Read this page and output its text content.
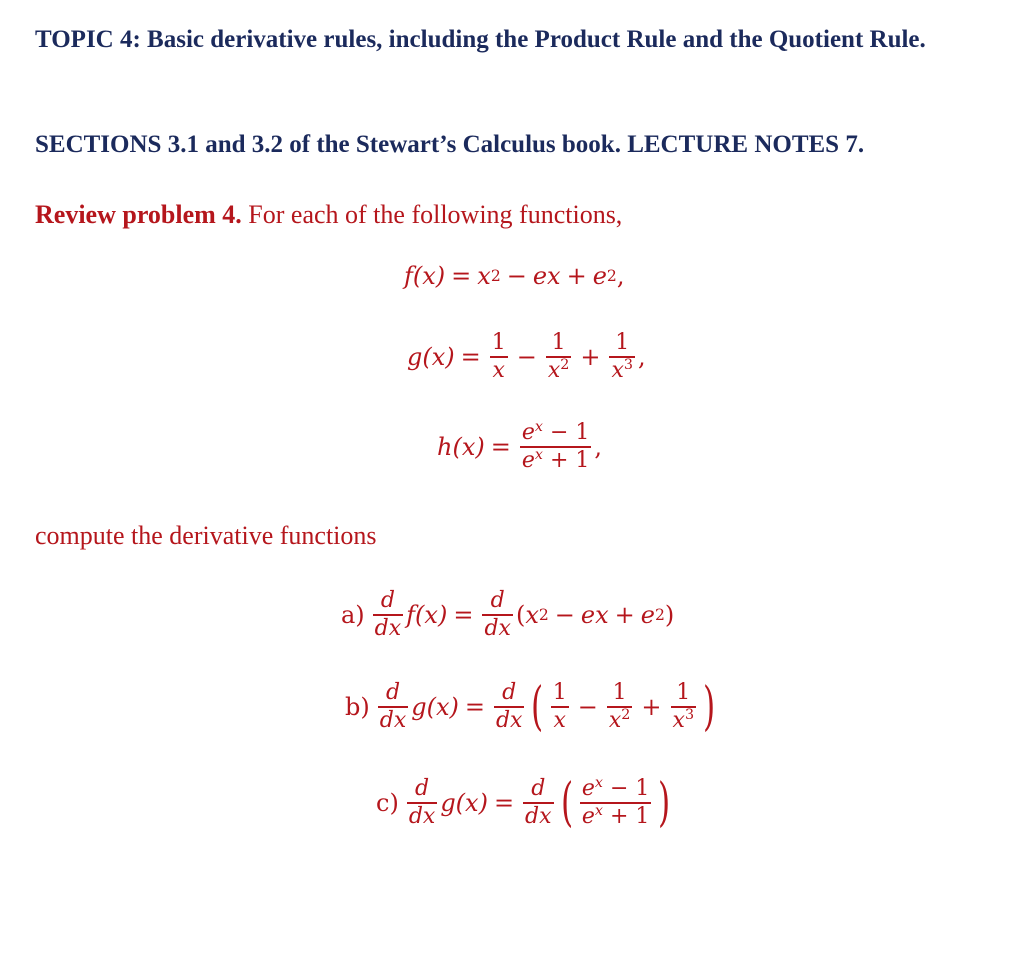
TOPIC 4: Basic derivative rules, including the Product Rule and the Quotient Rule.

SECTIONS 3.1 and 3.2 of the Stewart’s Calculus book. LECTURE NOTES 7.

Review problem 4. For each of the following functions,

f(x) = x 2 − ex + e 2 ,
$g(x) = \frac{1}{x} - \frac{1}{x^2} + \frac{1}{x^3}$ ,
$h(x) = \frac{e^x - 1}{e^x + 1}$ ,

compute the derivative functions

$a) \frac{d}{dx} f(x) = \frac{d}{dx}$ ( x 2 − ex + e 2 )
$b) \frac{d}{dx} g(x) = \frac{d}{dx}$ ( $\frac{1}{x} - \frac{1}{x^2} + \frac{1}{x^3}$ )
$c) \frac{d}{dx} g(x) = \frac{d}{dx}$ ( $\frac{e^x - 1}{e^x + 1}$ )
